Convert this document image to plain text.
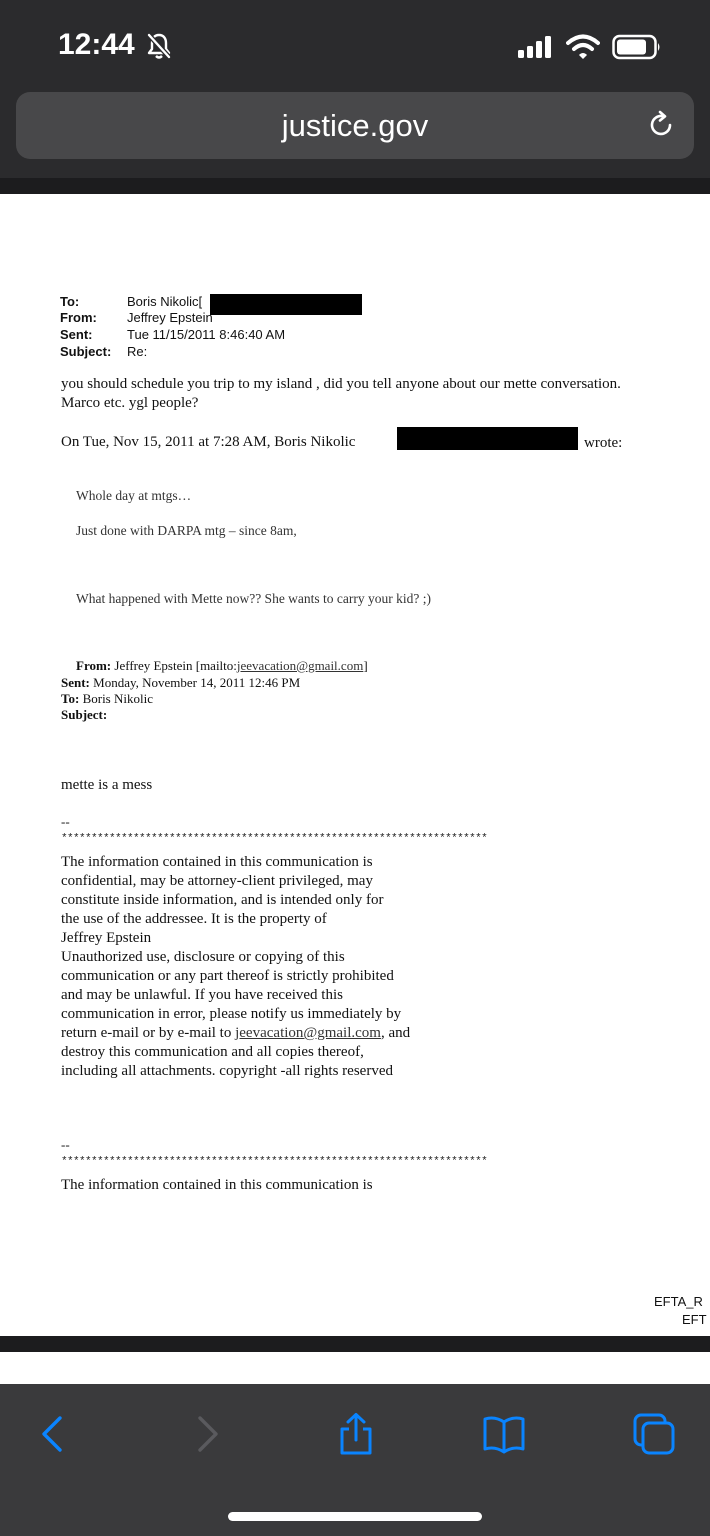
12:44
justice.gov
To:	Boris Nikolic[
From: Jeffrey Epstein
Sent:	Tue 11/15/2011 8:46:40 AM
Subject: Re:
you should schedule you trip to my island , did you tell anyone about our mette conversation.
Marco etc. ygl people?
On Tue, Nov 15, 2011 at 7:28 AM, Boris Nikolic	wrote:
Whole day at mtgs…
Just done with DARPA mtg – since 8am,
What happened with Mette now?? She wants to carry your kid? ;)
From: Jeffrey Epstein [mailto:jeevacation@gmail.com]
Sent: Monday, November 14, 2011 12:46 PM
To: Boris Nikolic
Subject:
mette is a mess
--
***********************************************************************
The information contained in this communication is
confidential, may be attorney-client privileged, may
constitute inside information, and is intended only for
the use of the addressee. It is the property of
Jeffrey Epstein
Unauthorized use, disclosure or copying of this
communication or any part thereof is strictly prohibited
and may be unlawful. If you have received this
communication in error, please notify us immediately by
return e-mail or by e-mail to jeevacation@gmail.com, and
destroy this communication and all copies thereof,
including all attachments. copyright -all rights reserved
--
***********************************************************************
The information contained in this communication is
EFTA_R
EFT
